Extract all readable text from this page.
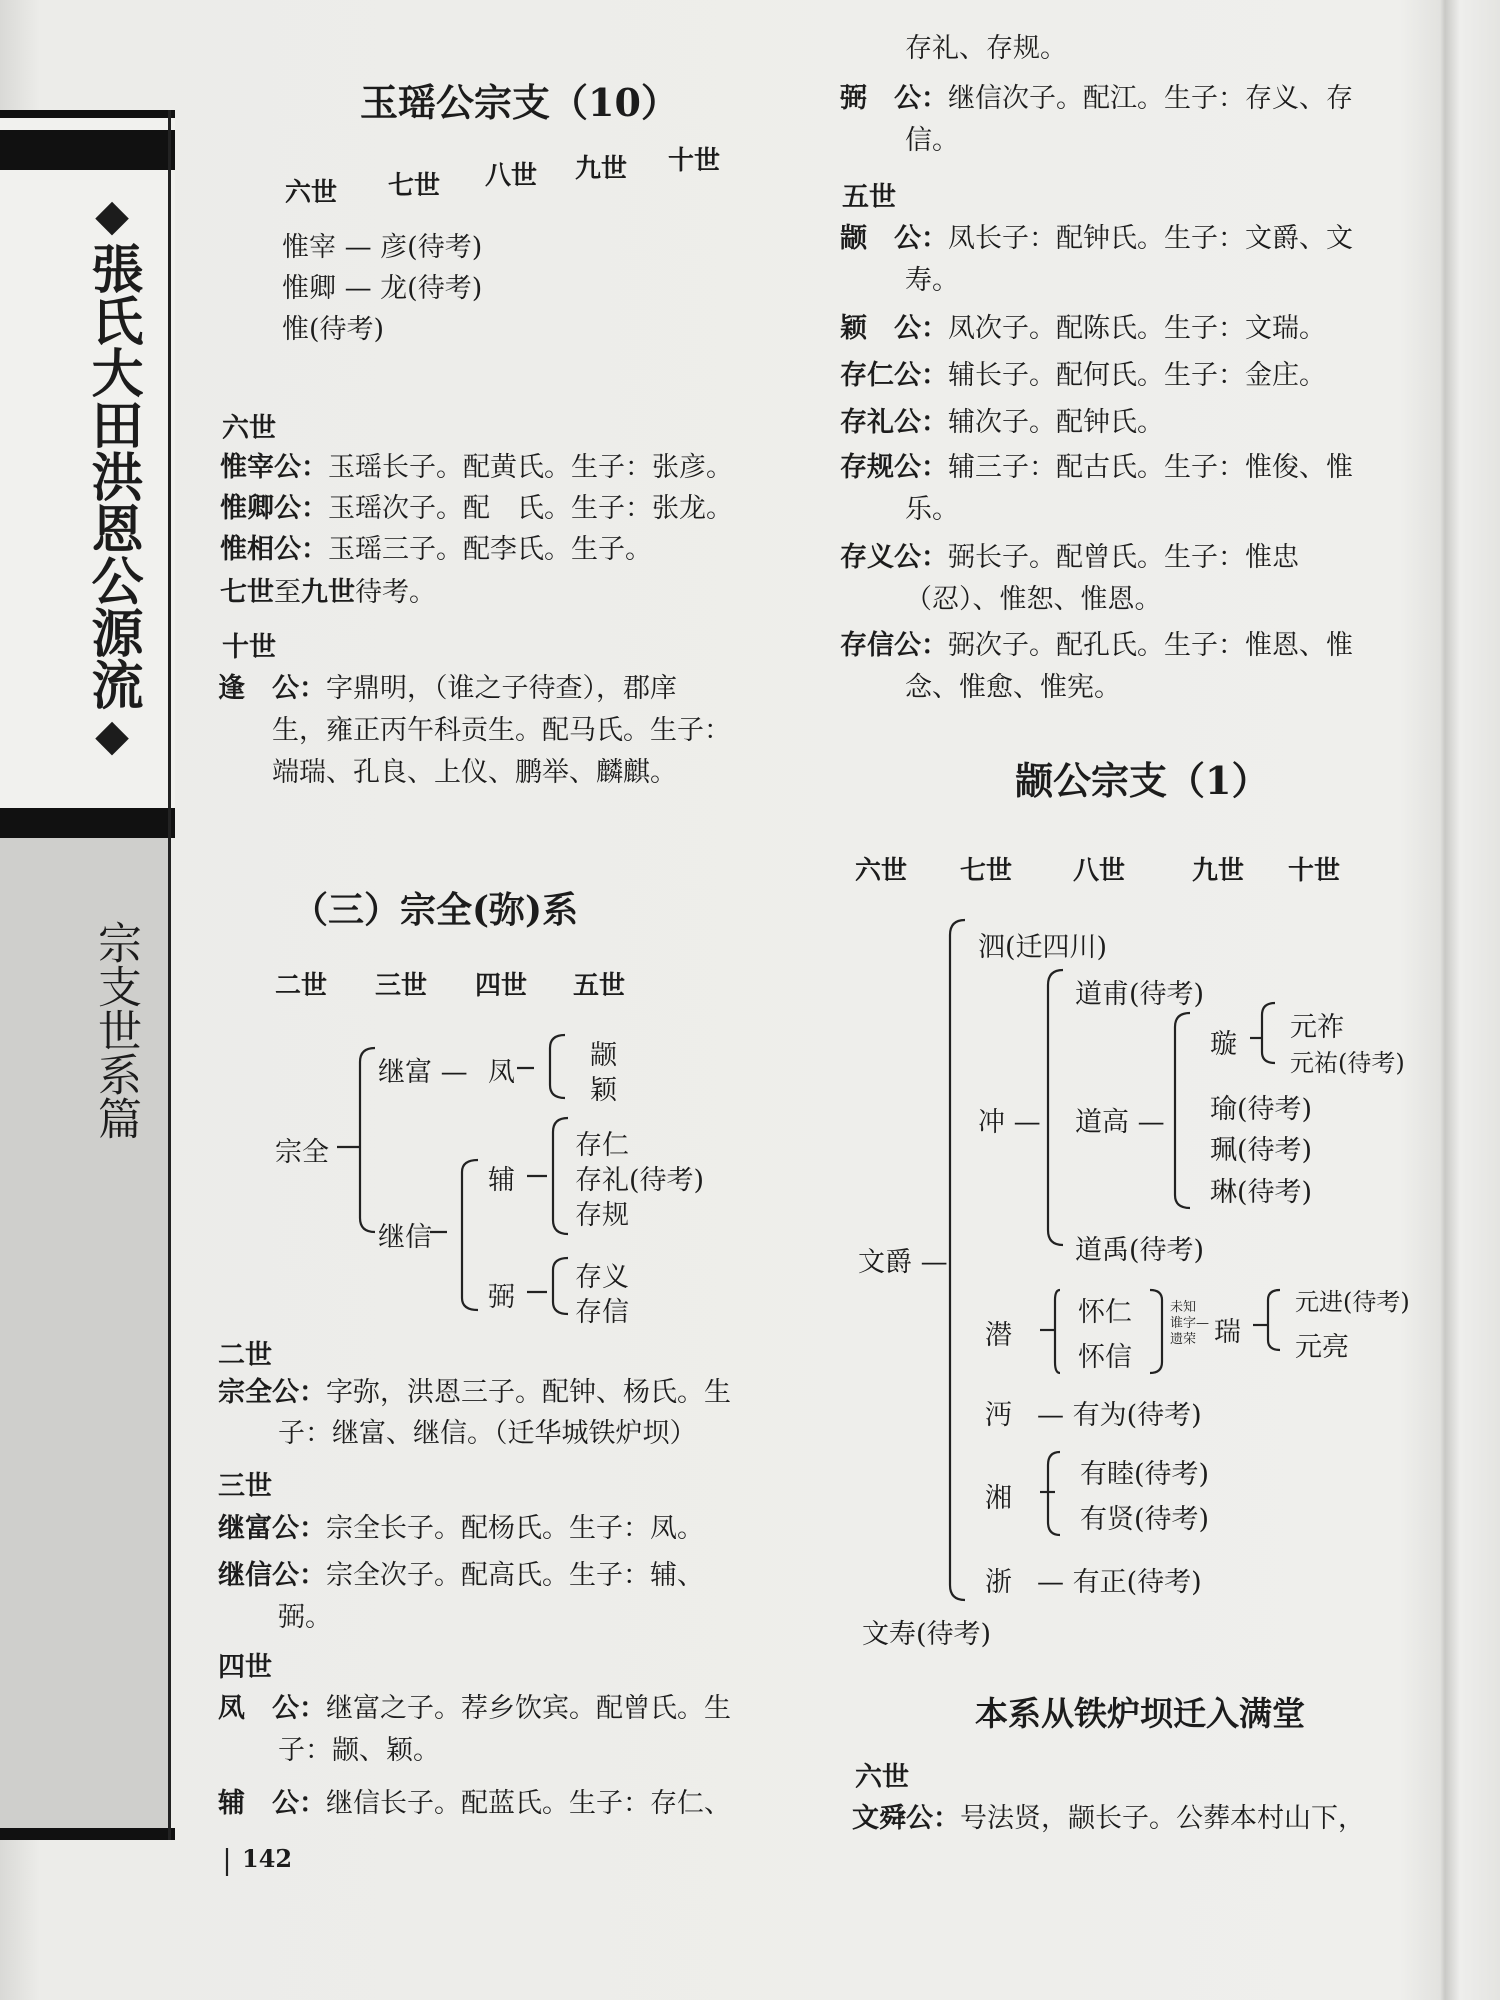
◆
張氏大田洪恩公源流
◆
宗支世系篇
142
玉瑶公宗支（10）
六世 七世 八世 九世 十世
惟宰 — 彦(待考)
惟卿 — 龙(待考)
惟(待考)
六世
惟宰公：玉瑶长子。配黄氏。生子：张彦。
惟卿公：玉瑶次子。配　氏。生子：张龙。
惟相公：玉瑶三子。配李氏。生子。
七世至九世待考。
十世
逢　公：字鼎明，（谁之子待查），郡庠
生，雍正丙午科贡生。配马氏。生子：
端瑞、孔良、上仪、鹏举、麟麒。
（三）宗全(弥)系
二世 三世 四世 五世
宗全
继富 — 凤
颛
颖
继信
辅
存仁
存礼(待考)
存规
弼
存义
存信
二世
宗全公：字弥，洪恩三子。配钟、杨氏。生
子：继富、继信。（迁华城铁炉坝）
三世
继富公：宗全长子。配杨氏。生子：凤。
继信公：宗全次子。配高氏。生子：辅、
弼。
四世
凤　公：继富之子。荐乡饮宾。配曾氏。生
子：颛、颖。
辅　公：继信长子。配蓝氏。生子：存仁、
存礼、存规。
弼　公：继信次子。配江。生子：存义、存
信。
五世
颛　公：凤长子：配钟氏。生子：文爵、文
寿。
颖　公：凤次子。配陈氏。生子：文瑞。
存仁公：辅长子。配何氏。生子：金庄。
存礼公：辅次子。配钟氏。
存规公：辅三子：配古氏。生子：惟俊、惟
乐。
存义公：弼长子。配曾氏。生子：惟忠
（忍）、惟恕、惟恩。
存信公：弼次子。配孔氏。生子：惟恩、惟
念、惟愈、惟宪。
颛公宗支（1）
六世 七世 八世	九世 十世
文爵 —
泗(迁四川)
冲 —
道甫(待考)
道高 —
璇
元祚
元祐(待考)
瑜(待考)
珮(待考)
琳(待考)
道禹(待考)
潜
怀仁
怀信
未知
谁字—
遗荣 瑞
元进(待考)
元亮
沔 — 有为(待考)
湘
有睦(待考)
有贤(待考)
浙 — 有正(待考)
文寿(待考)
本系从铁炉坝迁入满堂
六世
文舜公：号法贤，颛长子。公葬本村山下，
